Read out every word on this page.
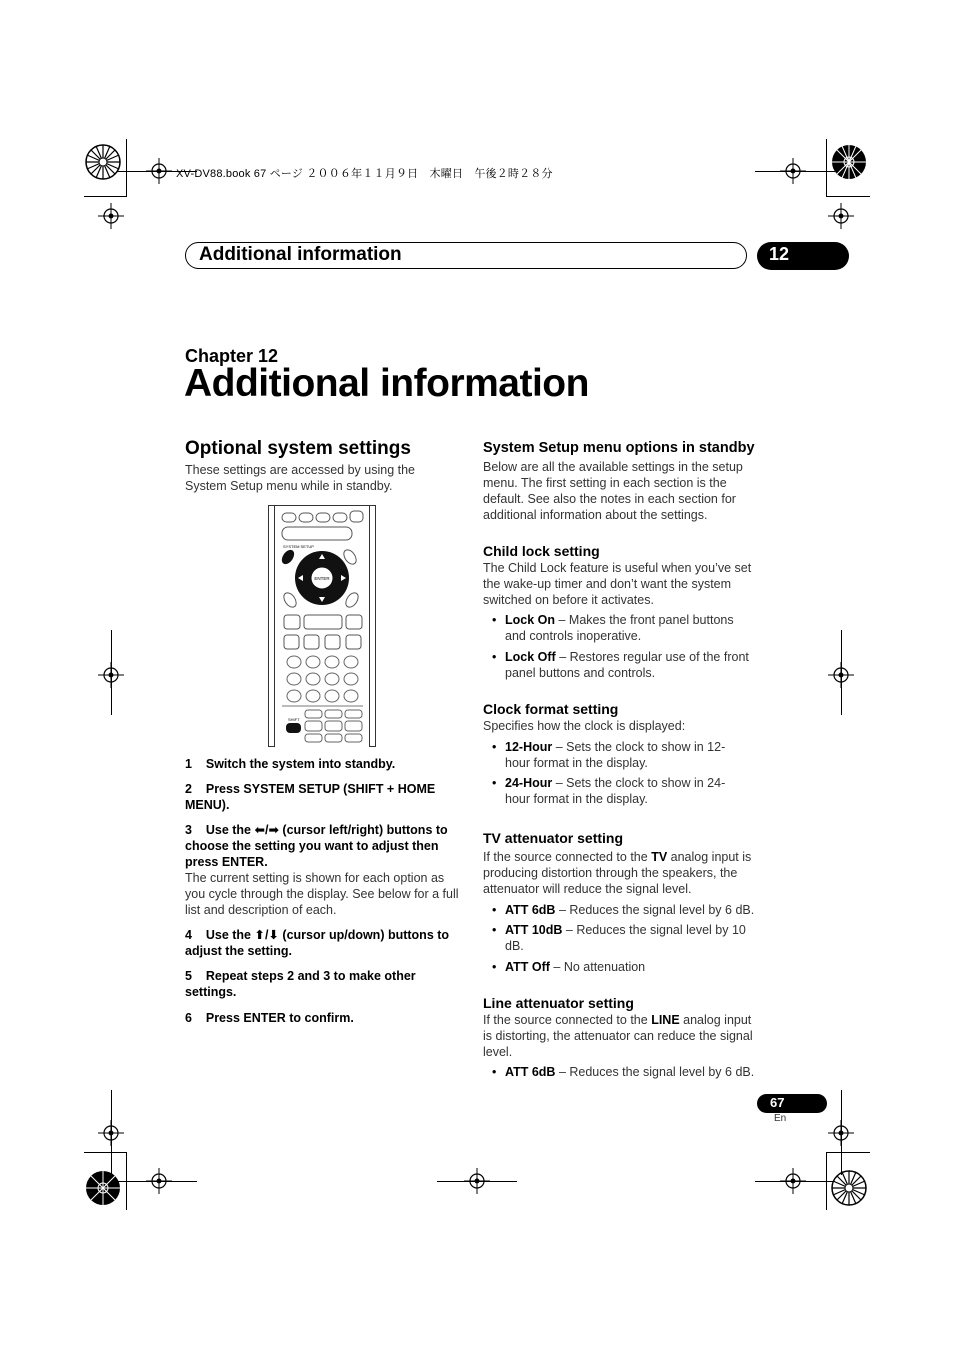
XV-DV88.book 67 ページ ２００６年１１月９日　木曜日　午後２時２８分
Additional information	12
Chapter 12
Additional information
Optional system settings
These settings are accessed by using the System Setup menu while in standby.
SYSTEM SETUP
ENTER
SHIFT
1 Switch the system into standby.
2 Press SYSTEM SETUP (SHIFT + HOME MENU).
3 Use the ⬅/➡ (cursor left/right) buttons to choose the setting you want to adjust then press ENTER.
The current setting is shown for each option as you cycle through the display. See below for a full list and description of each.
4 Use the ⬆/⬇ (cursor up/down) buttons to adjust the setting.
5 Repeat steps 2 and 3 to make other settings.
6 Press ENTER to confirm.
System Setup menu options in standby
Below are all the available settings in the setup menu. The first setting in each section is the default. See also the notes in each section for additional information about the settings.
Child lock setting
The Child Lock feature is useful when you’ve set the wake-up timer and don’t want the system switched on before it activates.
• Lock On – Makes the front panel buttons and controls inoperative.
• Lock Off – Restores regular use of the front panel buttons and controls.
Clock format setting
Specifies how the clock is displayed:
• 12-Hour – Sets the clock to show in 12-hour format in the display.
• 24-Hour – Sets the clock to show in 24-hour format in the display.
TV attenuator setting
If the source connected to the TV analog input is producing distortion through the speakers, the attenuator will reduce the signal level.
• ATT 6dB – Reduces the signal level by 6 dB.
• ATT 10dB – Reduces the signal level by 10 dB.
• ATT Off – No attenuation
Line attenuator setting
If the source connected to the LINE analog input is distorting, the attenuator can reduce the signal level.
• ATT 6dB – Reduces the signal level by 6 dB.
67
En
